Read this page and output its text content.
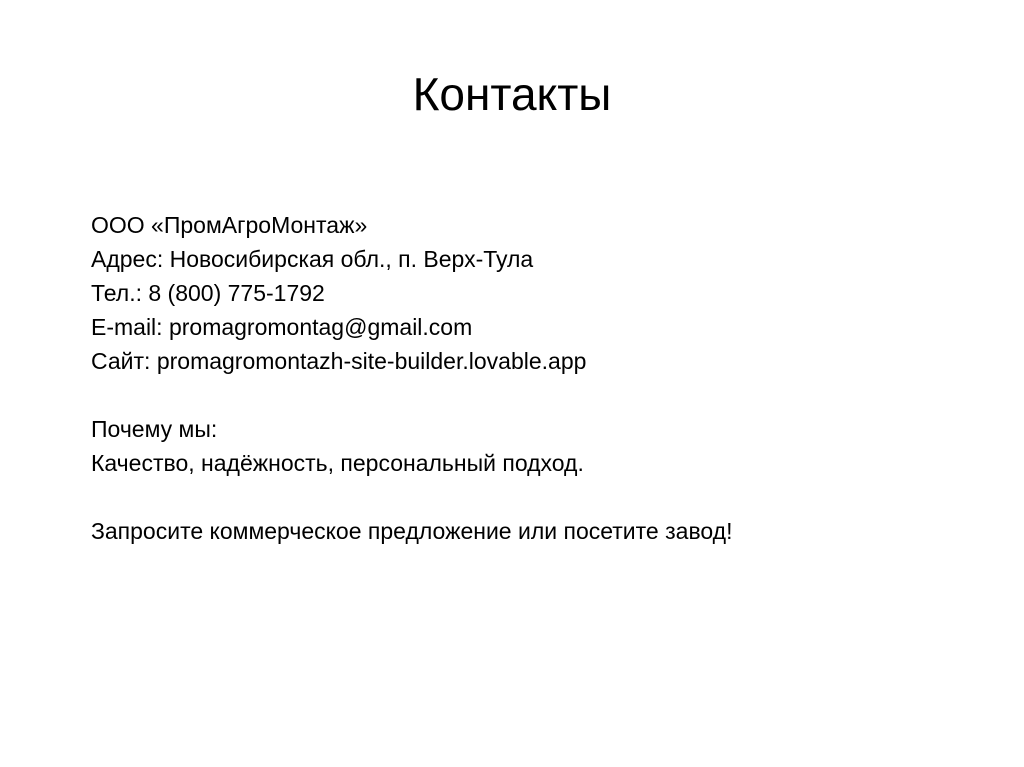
Контакты
ООО «ПромАгроМонтаж»
Адрес: Новосибирская обл., п. Верх-Тула
Тел.: 8 (800) 775-1792
E-mail: promagromontag@gmail.com
Сайт: promagromontazh-site-builder.lovable.app
Почему мы:
Качество, надёжность, персональный подход.
Запросите коммерческое предложение или посетите завод!
